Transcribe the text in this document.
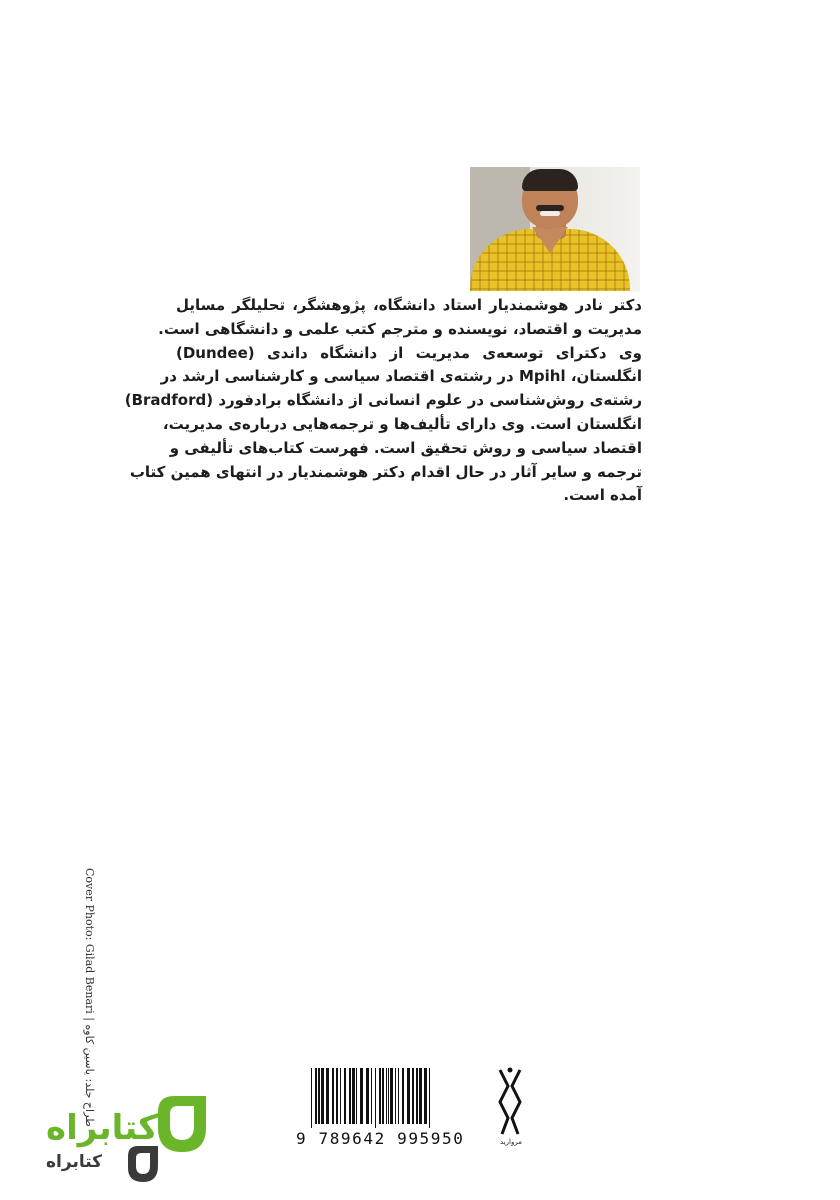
دکتر نادر هوشمندیار استاد دانشگاه، پژوهشگر، تحلیلگر مسایل
مدیریت و اقتصاد، نویسنده و مترجم کتب علمی و دانشگاهی است.
وی دکترای توسعه‌ی مدیریت از دانشگاه داندی (Dundee)
انگلستان، Mpihl در رشته‌ی اقتصاد سیاسی و کارشناسی ارشد در
رشته‌ی روش‌شناسی در علوم انسانی از دانشگاه برادفورد (Bradford)
انگلستان است. وی دارای تألیف‌ها و ترجمه‌هایی درباره‌ی مدیریت،
اقتصاد سیاسی و روش تحقیق است. فهرست کتاب‌های تألیفی و
ترجمه و سایر آثار در حال اقدام دکتر هوشمندیار در انتهای همین کتاب
آمده است.
Cover Photo: Gilad Benari | طراح جلد: یاسین کاوه
9 789642 995950	مروارید
کتابراه
کتابراه
